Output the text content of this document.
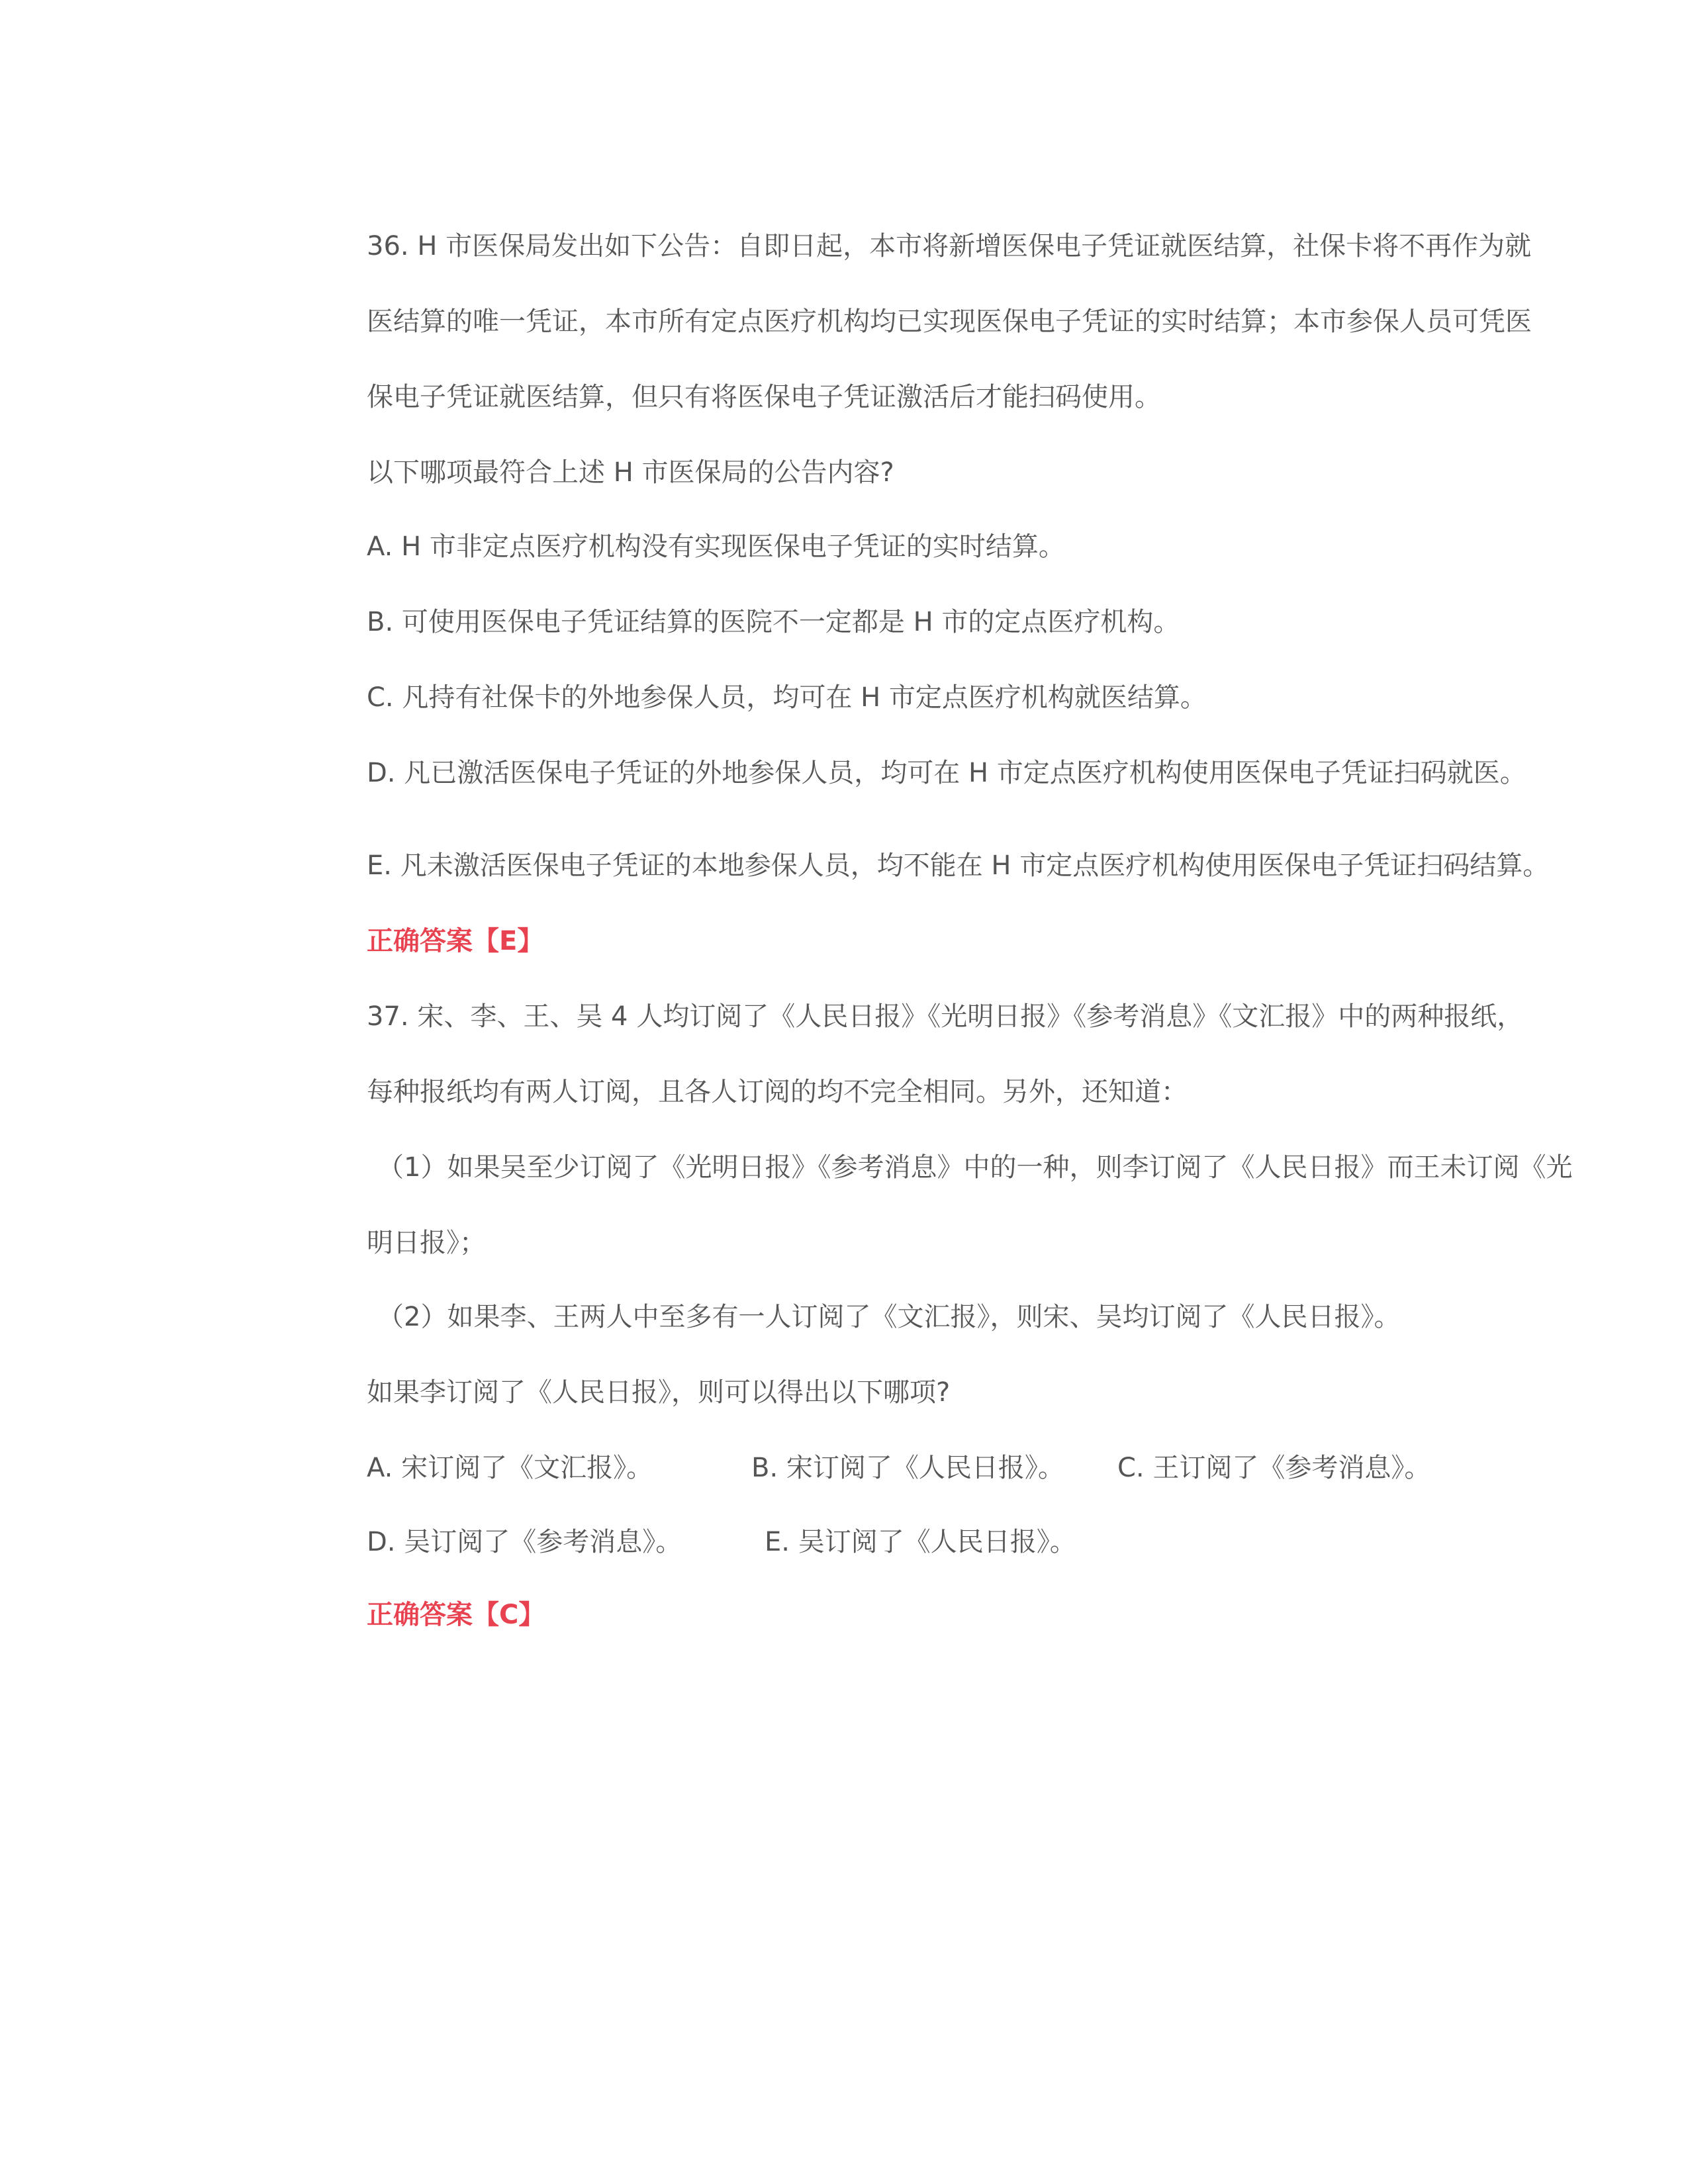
36. H 市医保局发出如下公告：自即日起，本市将新增医保电子凭证就医结算，社保卡将不再作为就
医结算的唯一凭证，本市所有定点医疗机构均已实现医保电子凭证的实时结算；本市参保人员可凭医
保电子凭证就医结算，但只有将医保电子凭证激活后才能扫码使用。
以下哪项最符合上述 H 市医保局的公告内容?
A. H 市非定点医疗机构没有实现医保电子凭证的实时结算。
B. 可使用医保电子凭证结算的医院不一定都是 H 市的定点医疗机构。
C. 凡持有社保卡的外地参保人员，均可在 H 市定点医疗机构就医结算。
D. 凡已激活医保电子凭证的外地参保人员，均可在 H 市定点医疗机构使用医保电子凭证扫码就医。
E. 凡未激活医保电子凭证的本地参保人员，均不能在 H 市定点医疗机构使用医保电子凭证扫码结算。
正确答案【E】
37. 宋、李、王、吴 4 人均订阅了《人民日报》《光明日报》《参考消息》《文汇报》中的两种报纸，
每种报纸均有两人订阅，且各人订阅的均不完全相同。另外，还知道：
（1）如果吴至少订阅了《光明日报》《参考消息》中的一种，则李订阅了《人民日报》而王未订阅《光
明日报》；
（2）如果李、王两人中至多有一人订阅了《文汇报》，则宋、吴均订阅了《人民日报》。
如果李订阅了《人民日报》，则可以得出以下哪项?
A. 宋订阅了《文汇报》。	B. 宋订阅了《人民日报》。 C. 王订阅了《参考消息》。
D. 吴订阅了《参考消息》。	E. 吴订阅了《人民日报》。
正确答案【C】
